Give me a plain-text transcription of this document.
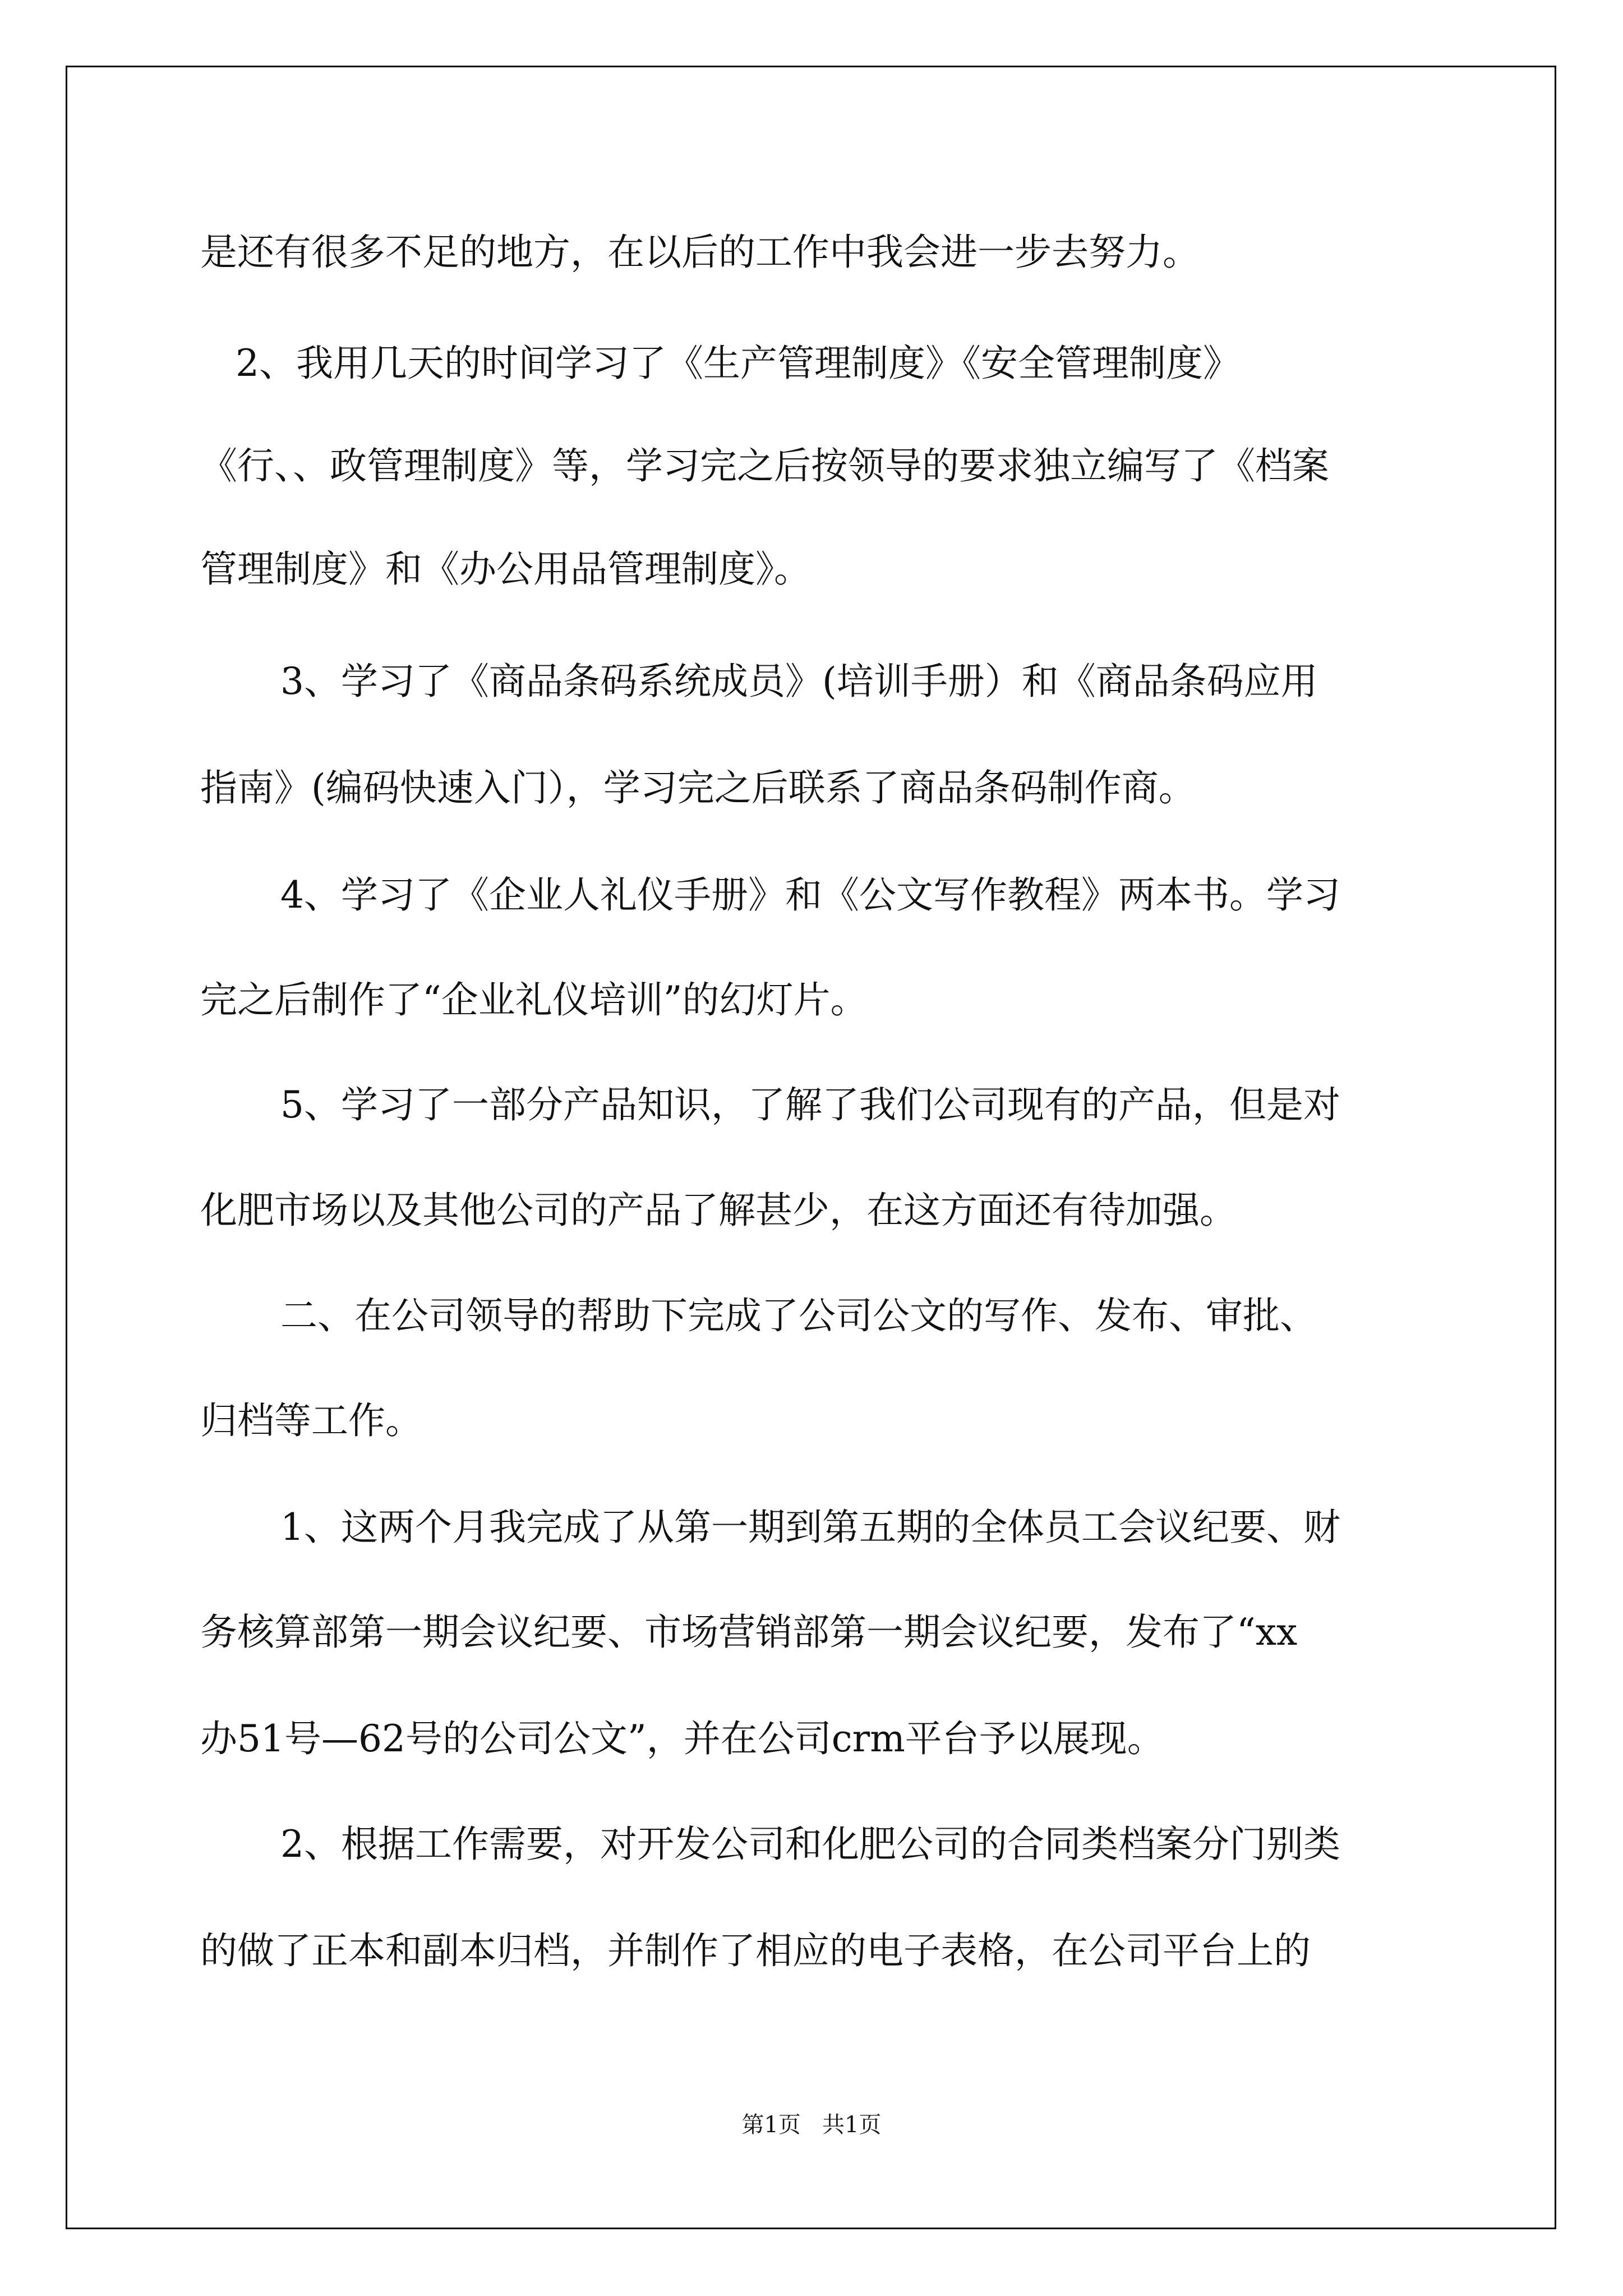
是还有很多不足的地方，在以后的工作中我会进一步去努力。

2、我用几天的时间学习了《生产管理制度》《安全管理制度》

《行、、政管理制度》等，学习完之后按领导的要求独立编写了《档案

管理制度》和《办公用品管理制度》。

3、学习了《商品条码系统成员》(培训手册）和《商品条码应用

指南》(编码快速入门），学习完之后联系了商品条码制作商。

4、学习了《企业人礼仪手册》和《公文写作教程》两本书。学习

完之后制作了“企业礼仪培训”的幻灯片。

5、学习了一部分产品知识，了解了我们公司现有的产品，但是对

化肥市场以及其他公司的产品了解甚少，在这方面还有待加强。

二、在公司领导的帮助下完成了公司公文的写作、发布、审批、

归档等工作。

1、这两个月我完成了从第一期到第五期的全体员工会议纪要、财

务核算部第一期会议纪要、市场营销部第一期会议纪要，发布了“xx

办51号—62号的公司公文”，并在公司crm平台予以展现。

2、根据工作需要，对开发公司和化肥公司的合同类档案分门别类

的做了正本和副本归档，并制作了相应的电子表格，在公司平台上的

第1页   共1页
